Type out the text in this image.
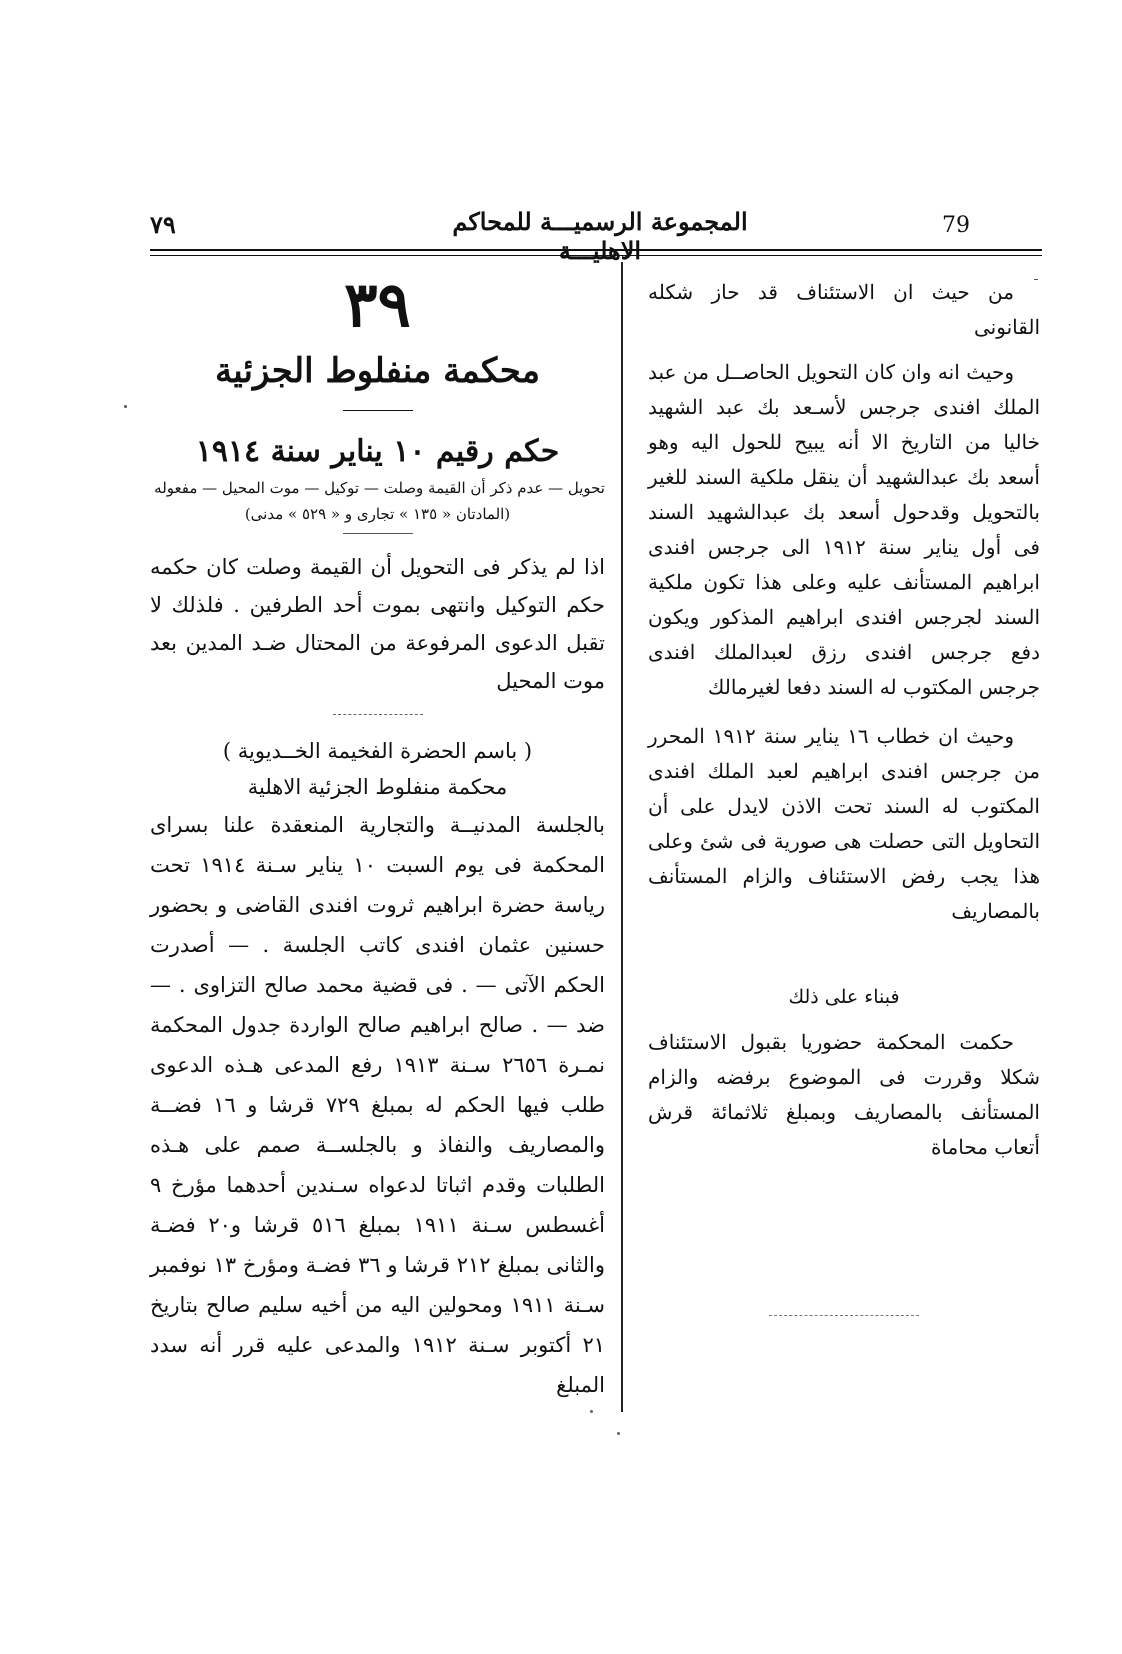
٧٩	المجموعة الرسميـــة للمحاكم	79

من حيث ان الاستئناف قد حاز شكله القانونى

وحيث انه وان كان التحويل الحاصــل من عبد الملك افندى جرجس لأسـعد بك عبد الشهيد خاليا من التاريخ الا أنه يبيح للحول اليه وهو أسعد بك عبدالشهيد أن ينقل ملكية السند للغير بالتحويل وقدحول أسعد بك عبدالشهيد السند فى أول يناير سنة ١٩١٢ الى جرجس افندى ابراهيم المستأنف عليه وعلى هذا تكون ملكية السند لجرجس افندى ابراهيم المذكور ويكون دفع جرجس افندى رزق لعبدالملك افندى جرجس المكتوب له السند دفعا لغيرمالك

وحيث ان خطاب ١٦ يناير سنة ١٩١٢ المحرر من جرجس افندى ابراهيم لعبد الملك افندى المكتوب له السند تحت الاذن لايدل على أن التحاويل التى حصلت هى صورية فى شئ وعلى هذا يجب رفض الاستئناف والزام المستأنف بالمصاريف

فبناء على ذلك

حكمت المحكمة حضوريا بقبول الاستئناف شكلا وقررت فى الموضوع برفضه والزام المستأنف بالمصاريف وبمبلغ ثلاثمائة قرش أتعاب محاماة

٣٩
محكمة منفلوط الجزئية
حكم رقيم ١٠ يناير سنة ١٩١٤

تحويل — عدم ذكر أن القيمة وصلت — توكيل — موت المحيل — مفعوله

(المادتان « ١٣٥ » تجارى و « ٥٢٩ » مدنى)

اذا لم يذكر فى التحويل أن القيمة وصلت كان حكمه حكم التوكيل وانتهى بموت أحد الطرفين . فلذلك لا تقبل الدعوى المرفوعة من المحتال ضـد المدين بعد موت المحيل

( باسم الحضرة الفخيمة الخــديوية )

محكمة منفلوط الجزئية الاهلية

بالجلسة المدنيــة والتجارية المنعقدة علنا بسراى المحكمة فى يوم السبت ١٠ يناير سـنة ١٩١٤ تحت رياسة حضرة ابراهيم ثروت افندى القاضى و بحضور حسنين عثمان افندى كاتب الجلسة . — أصدرت الحكم الآتى — . فى قضية محمد صالح التزاوى . — ضد — . صالح ابراهيم صالح الواردة جدول المحكمة نمـرة ٢٦٥٦ سـنة ١٩١٣ رفع المدعى هـذه الدعوى طلب فيها الحكم له بمبلغ ٧٢٩ قرشا و ١٦ فضــة والمصاريف والنفاذ و بالجلســة صمم على هـذه الطلبات وقدم اثباتا لدعواه سـندين أحدهما مؤرخ ٩ أغسطس سـنة ١٩١١ بمبلغ ٥١٦ قرشا و٢٠ فضـة والثانى بمبلغ ٢١٢ قرشا و ٣٦ فضـة ومؤرخ ١٣ نوفمبر سـنة ١٩١١ ومحولين اليه من أخيه سليم صالح بتاريخ ٢١ أكتوبر سـنة ١٩١٢ والمدعى عليه قرر أنه سدد المبلغ
